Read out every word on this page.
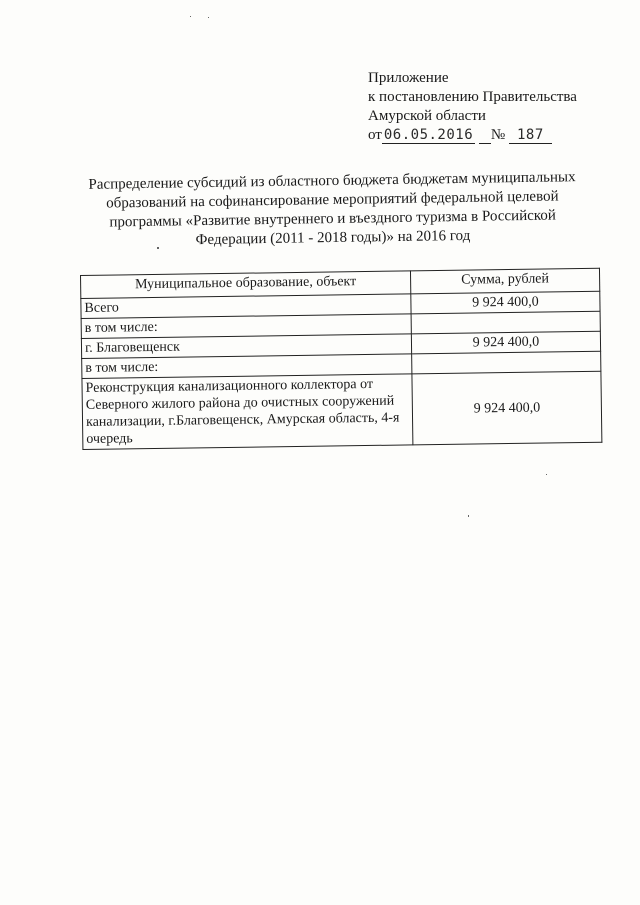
Приложение
к постановлению Правительства
Амурской области
от 06.05.2016 № 187
Распределение субсидий из областного бюджета бюджетам муниципальных
образований на софинансирование мероприятий федеральной целевой
программы «Развитие внутреннего и въездного туризма в Российской
Федерации (2011 - 2018 годы)» на 2016 год
Муниципальное образование, объект	Сумма, рублей
Всего	9 924 400,0
в том числе:	
г. Благовещенск	9 924 400,0
в том числе:	
Реконструкция канализационного коллектора от Северного жилого района до очистных сооружений канализации, г.Благовещенск, Амурская область, 4-я очередь	9 924 400,0
